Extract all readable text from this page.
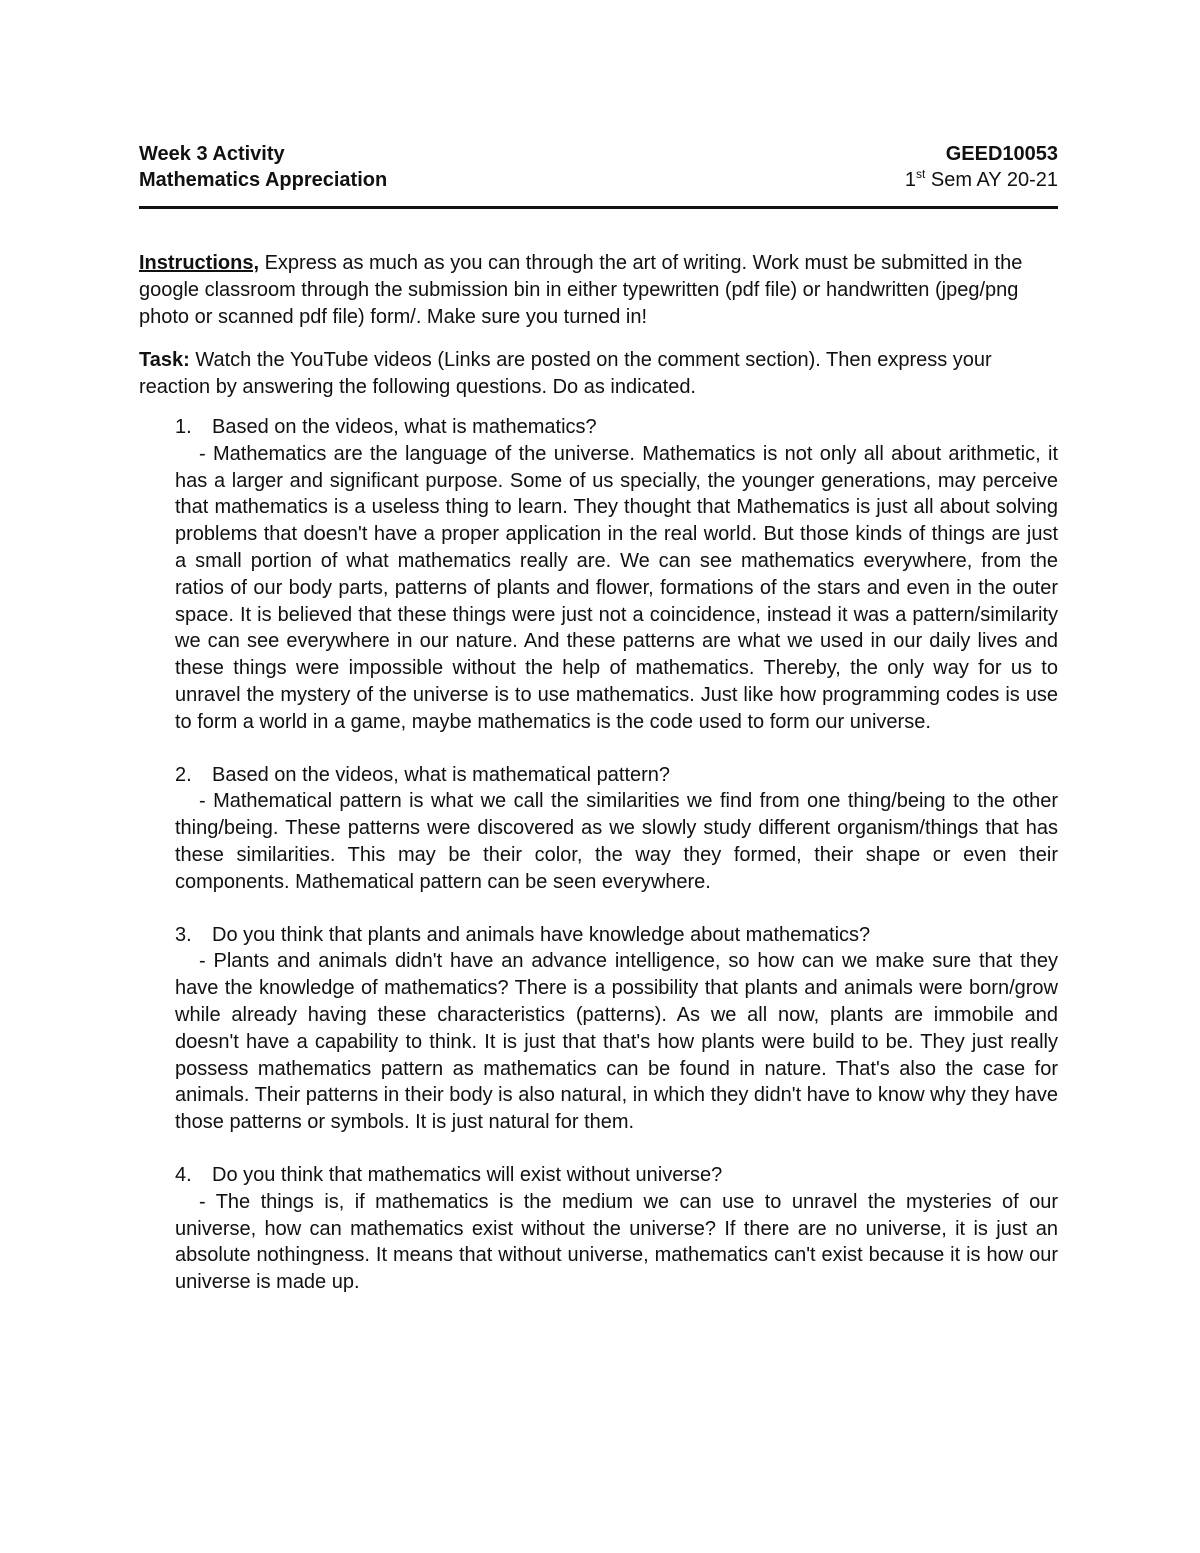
Week 3 Activity	GEED10053
Mathematics Appreciation	1st Sem AY 20-21

Instructions, Express as much as you can through the art of writing. Work must be submitted in the google classroom through the submission bin in either typewritten (pdf file) or handwritten (jpeg/png photo or scanned pdf file) form/. Make sure you turned in!

Task: Watch the YouTube videos (Links are posted on the comment section). Then express your reaction by answering the following questions. Do as indicated.

1.	Based on the videos, what is mathematics?
- Mathematics are the language of the universe. Mathematics is not only all about arithmetic, it has a larger and significant purpose. Some of us specially, the younger generations, may perceive that mathematics is a useless thing to learn. They thought that Mathematics is just all about solving problems that doesn't have a proper application in the real world. But those kinds of things are just a small portion of what mathematics really are. We can see mathematics everywhere, from the ratios of our body parts, patterns of plants and flower, formations of the stars and even in the outer space. It is believed that these things were just not a coincidence, instead it was a pattern/similarity we can see everywhere in our nature. And these patterns are what we used in our daily lives and these things were impossible without the help of mathematics. Thereby, the only way for us to unravel the mystery of the universe is to use mathematics. Just like how programming codes is use to form a world in a game, maybe mathematics is the code used to form our universe.
2.	Based on the videos, what is mathematical pattern?
- Mathematical pattern is what we call the similarities we find from one thing/being to the other thing/being. These patterns were discovered as we slowly study different organism/things that has these similarities. This may be their color, the way they formed, their shape or even their components. Mathematical pattern can be seen everywhere.
3.	Do you think that plants and animals have knowledge about mathematics?
- Plants and animals didn't have an advance intelligence, so how can we make sure that they have the knowledge of mathematics? There is a possibility that plants and animals were born/grow while already having these characteristics (patterns). As we all now, plants are immobile and doesn't have a capability to think. It is just that that's how plants were build to be. They just really possess mathematics pattern as mathematics can be found in nature. That's also the case for animals. Their patterns in their body is also natural, in which they didn't have to know why they have those patterns or symbols. It is just natural for them.
4.	Do you think that mathematics will exist without universe?
- The things is, if mathematics is the medium we can use to unravel the mysteries of our universe, how can mathematics exist without the universe? If there are no universe, it is just an absolute nothingness. It means that without universe, mathematics can't exist because it is how our universe is made up.
